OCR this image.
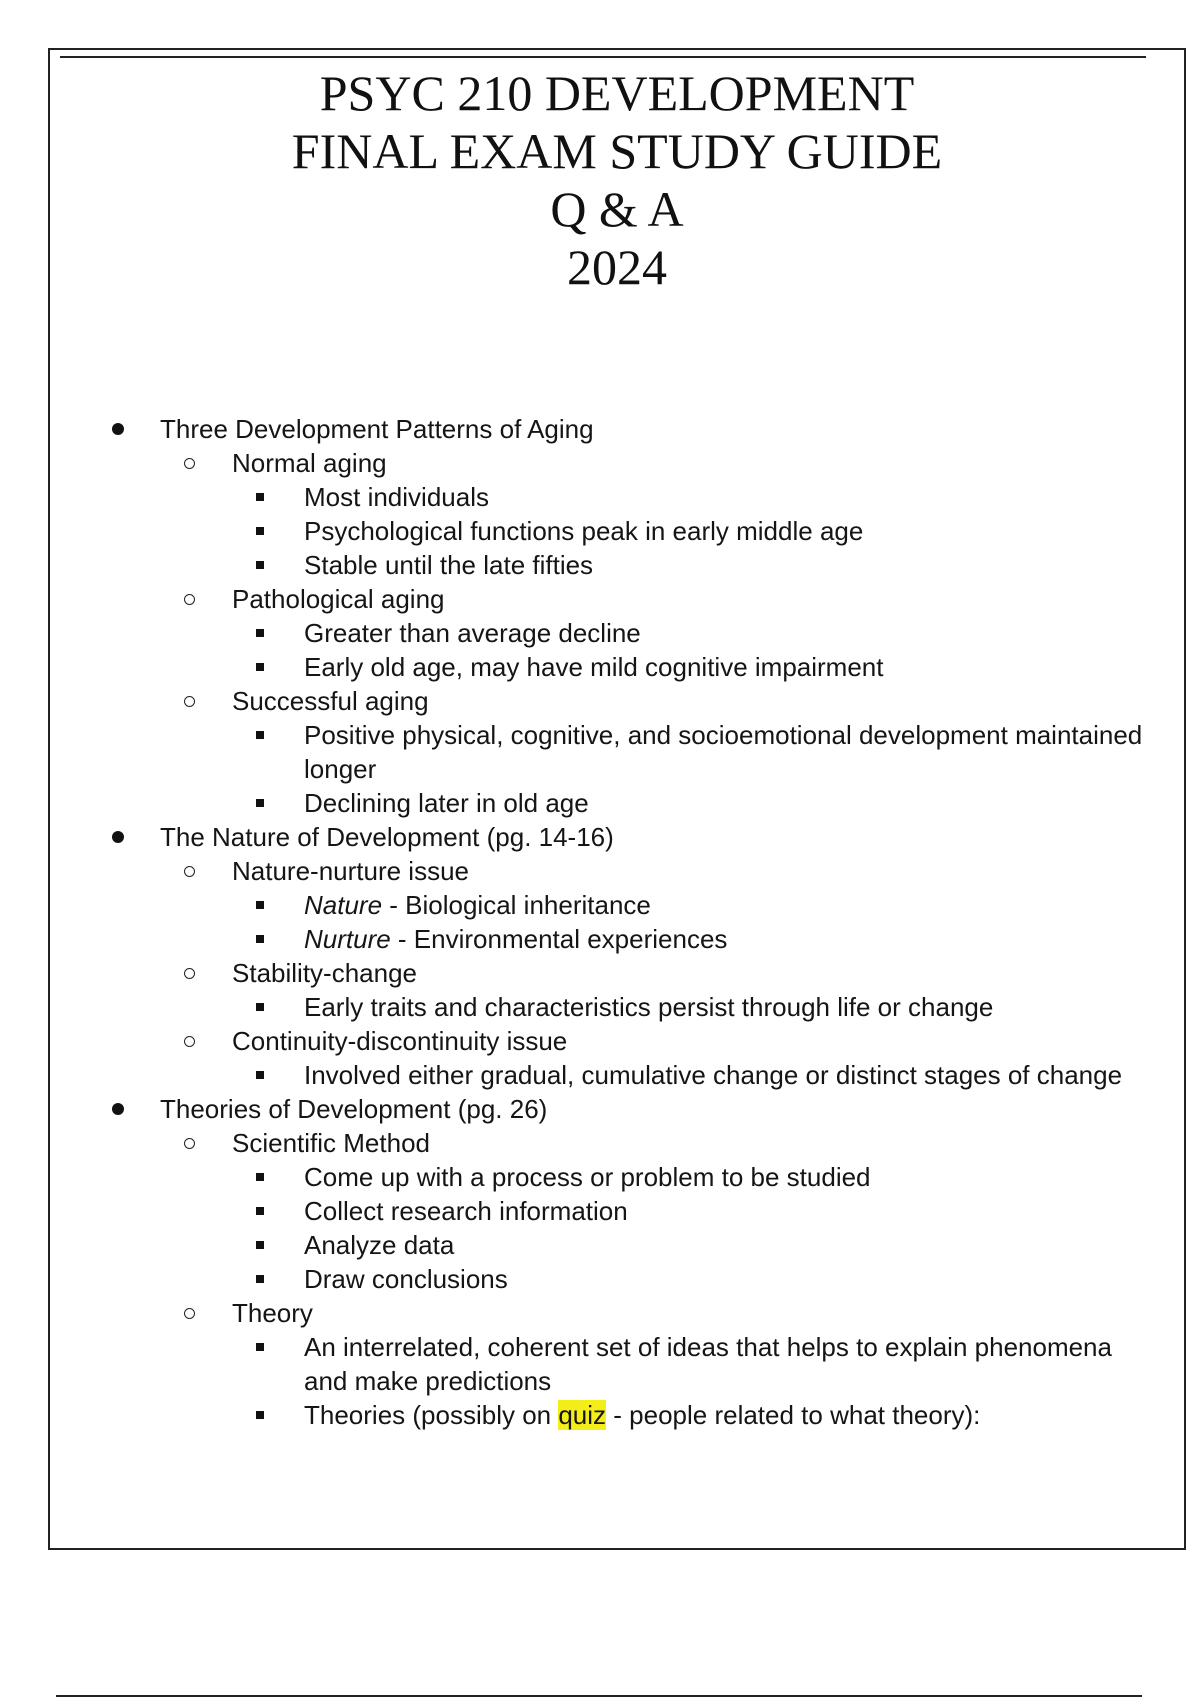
PSYC 210 DEVELOPMENT
FINAL EXAM STUDY GUIDE
Q & A
2024
Three Development Patterns of Aging
Normal aging
Most individuals
Psychological functions peak in early middle age
Stable until the late fifties
Pathological aging
Greater than average decline
Early old age, may have mild cognitive impairment
Successful aging
Positive physical, cognitive, and socioemotional development maintained
longer
Declining later in old age
The Nature of Development (pg. 14-16)
Nature-nurture issue
Nature - Biological inheritance
Nurture - Environmental experiences
Stability-change
Early traits and characteristics persist through life or change
Continuity-discontinuity issue
Involved either gradual, cumulative change or distinct stages of change
Theories of Development (pg. 26)
Scientific Method
Come up with a process or problem to be studied
Collect research information
Analyze data
Draw conclusions
Theory
An interrelated, coherent set of ideas that helps to explain phenomena
and make predictions
Theories (possibly on quiz - people related to what theory):
